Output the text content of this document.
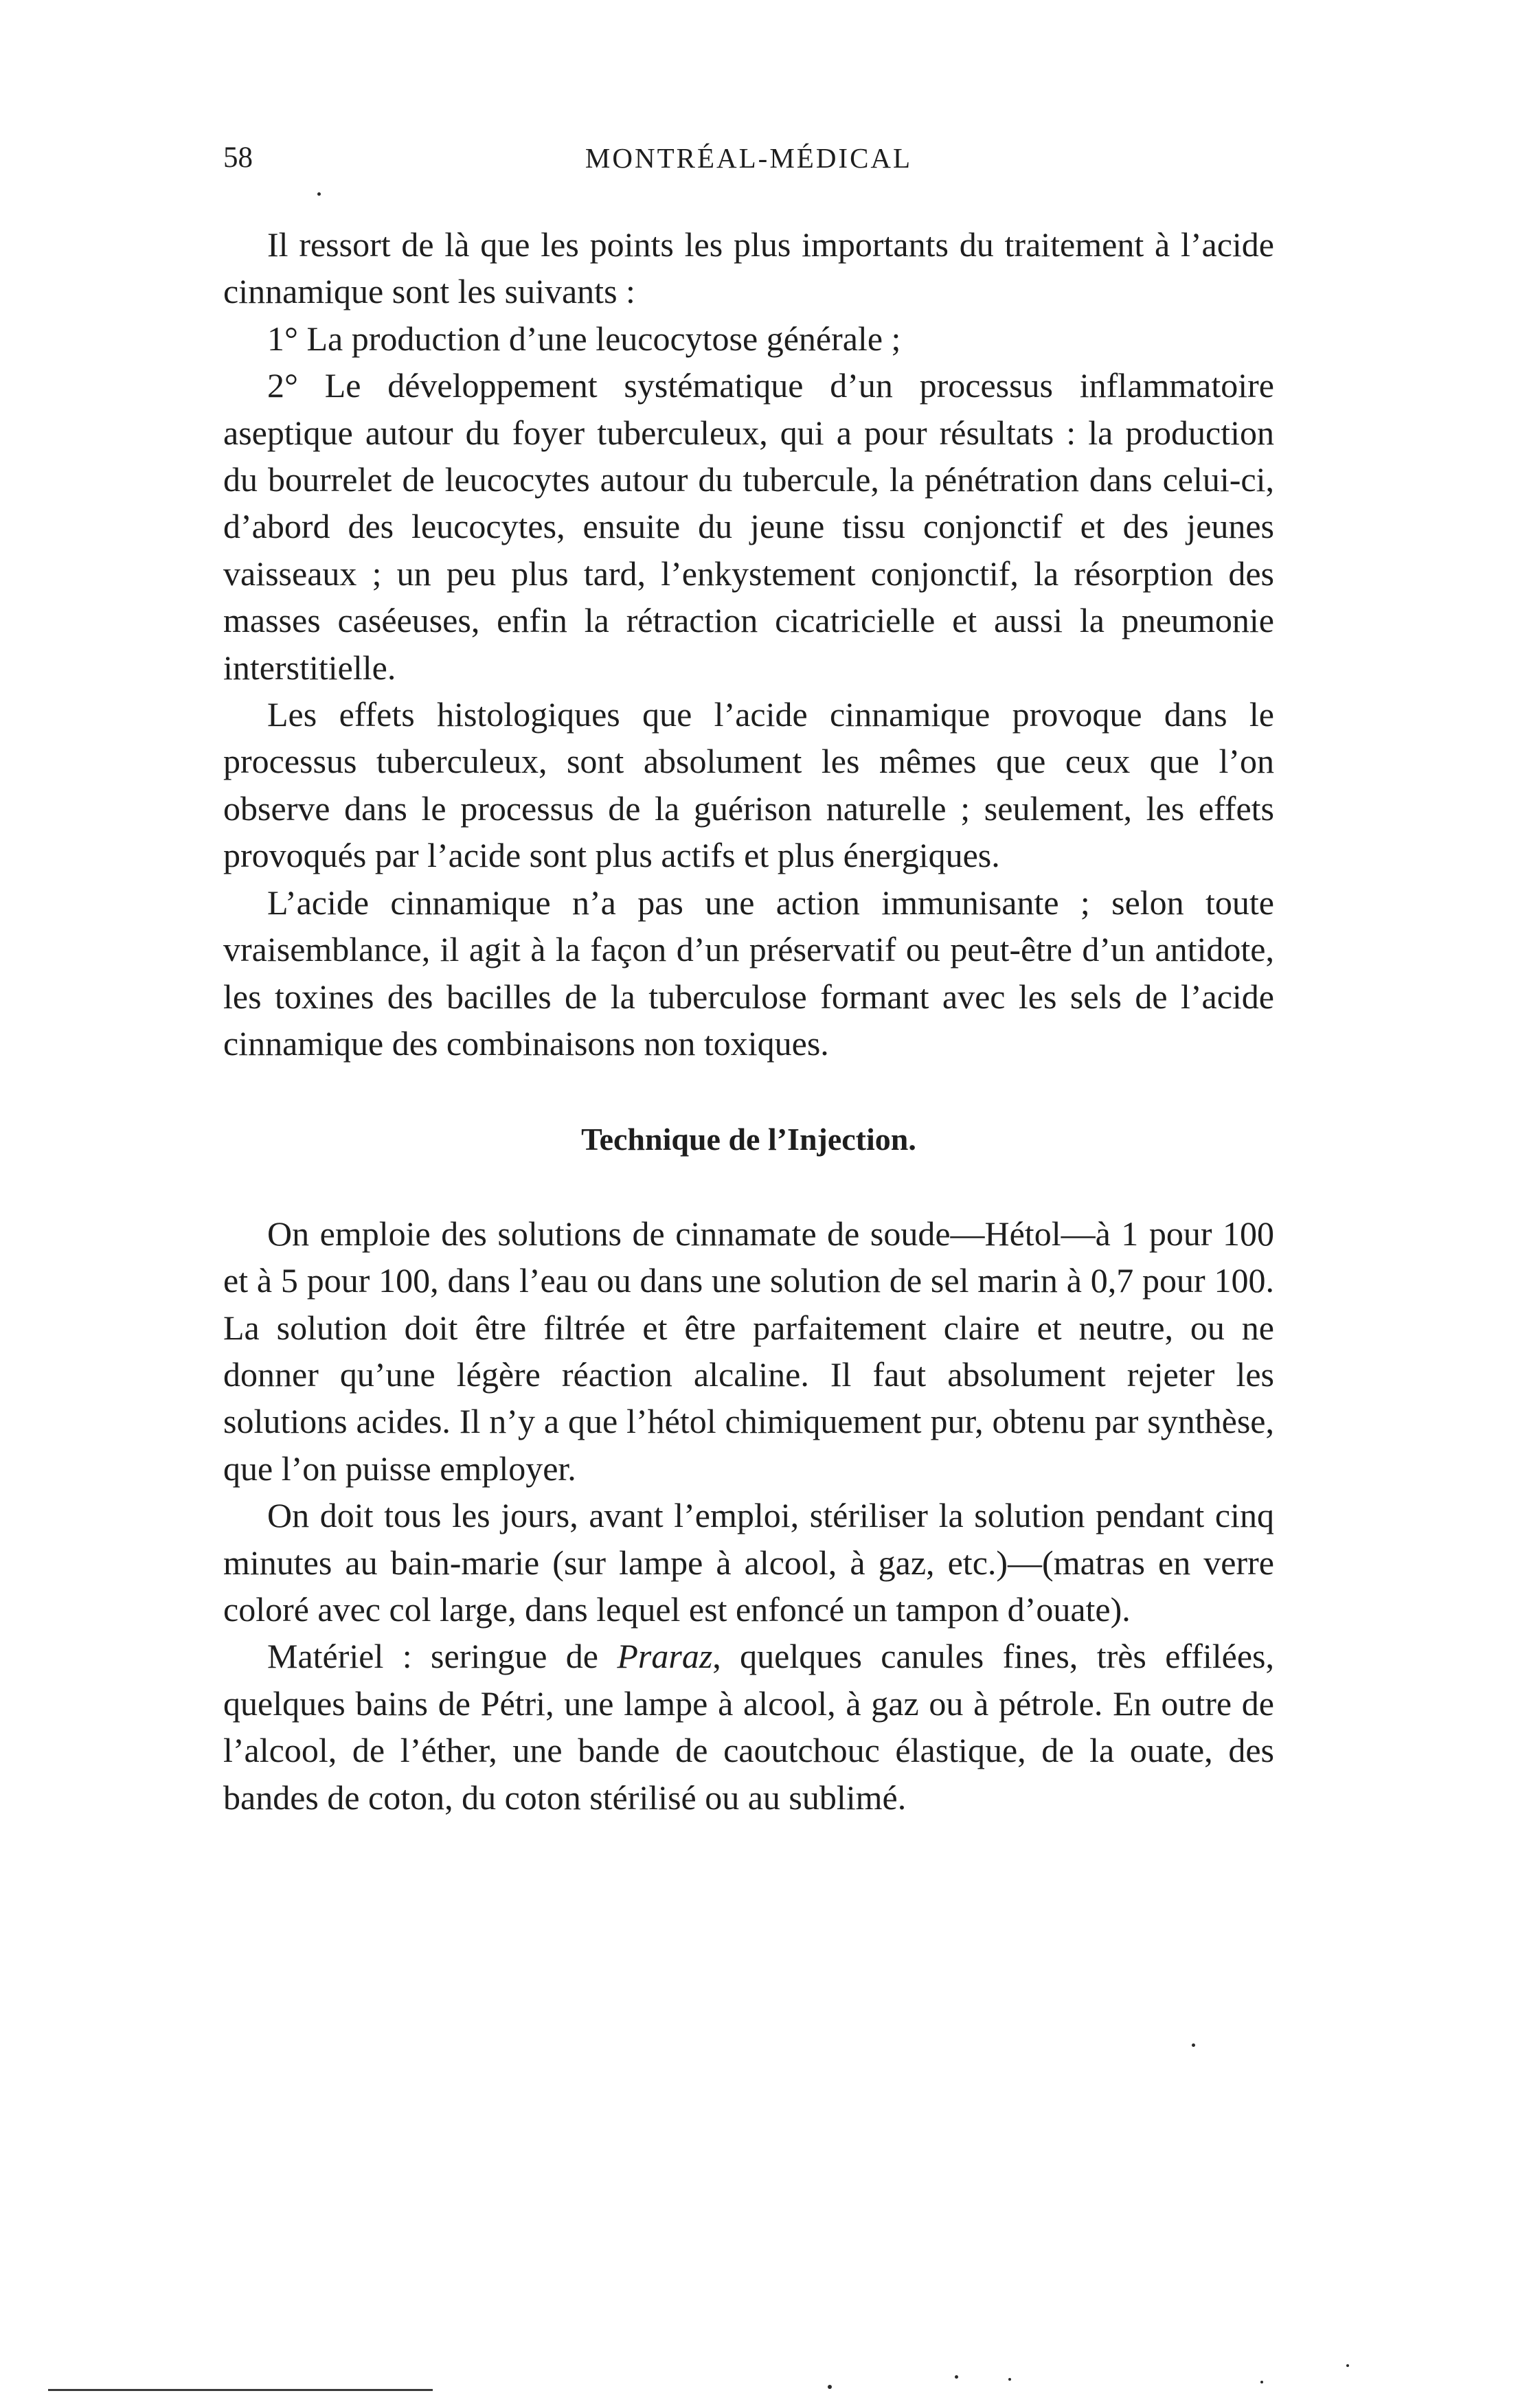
58	MONTRÉAL-MÉDICAL

Il ressort de là que les points les plus importants du traitement à l’acide cinnamique sont les suivants :

1° La production d’une leucocytose générale ;

2° Le développement systématique d’un processus inflammatoire aseptique autour du foyer tuberculeux, qui a pour résultats : la production du bourrelet de leucocytes autour du tubercule, la pénétration dans celui-ci, d’abord des leucocytes, ensuite du jeune tissu conjonctif et des jeunes vaisseaux ; un peu plus tard, l’enkystement conjonctif, la résorption des masses caséeuses, enfin la rétraction cicatricielle et aussi la pneumonie interstitielle.

Les effets histologiques que l’acide cinnamique provoque dans le processus tuberculeux, sont absolument les mêmes que ceux que l’on observe dans le processus de la guérison naturelle ; seulement, les effets provoqués par l’acide sont plus actifs et plus énergiques.

L’acide cinnamique n’a pas une action immunisante ; selon toute vraisemblance, il agit à la façon d’un préservatif ou peut-être d’un antidote, les toxines des bacilles de la tuberculose formant avec les sels de l’acide cinnamique des combinaisons non toxiques.

Technique de l’Injection.

On emploie des solutions de cinnamate de soude—Hétol—à 1 pour 100 et à 5 pour 100, dans l’eau ou dans une solution de sel marin à 0,7 pour 100. La solution doit être filtrée et être parfaitement claire et neutre, ou ne donner qu’une légère réaction alcaline. Il faut absolument rejeter les solutions acides. Il n’y a que l’hétol chimiquement pur, obtenu par synthèse, que l’on puisse employer.

On doit tous les jours, avant l’emploi, stériliser la solution pendant cinq minutes au bain-marie (sur lampe à alcool, à gaz, etc.)—(matras en verre coloré avec col large, dans lequel est enfoncé un tampon d’ouate).

Matériel : seringue de Praraz, quelques canules fines, très effilées, quelques bains de Pétri, une lampe à alcool, à gaz ou à pétrole. En outre de l’alcool, de l’éther, une bande de caoutchouc élastique, de la ouate, des bandes de coton, du coton stérilisé ou au sublimé.
